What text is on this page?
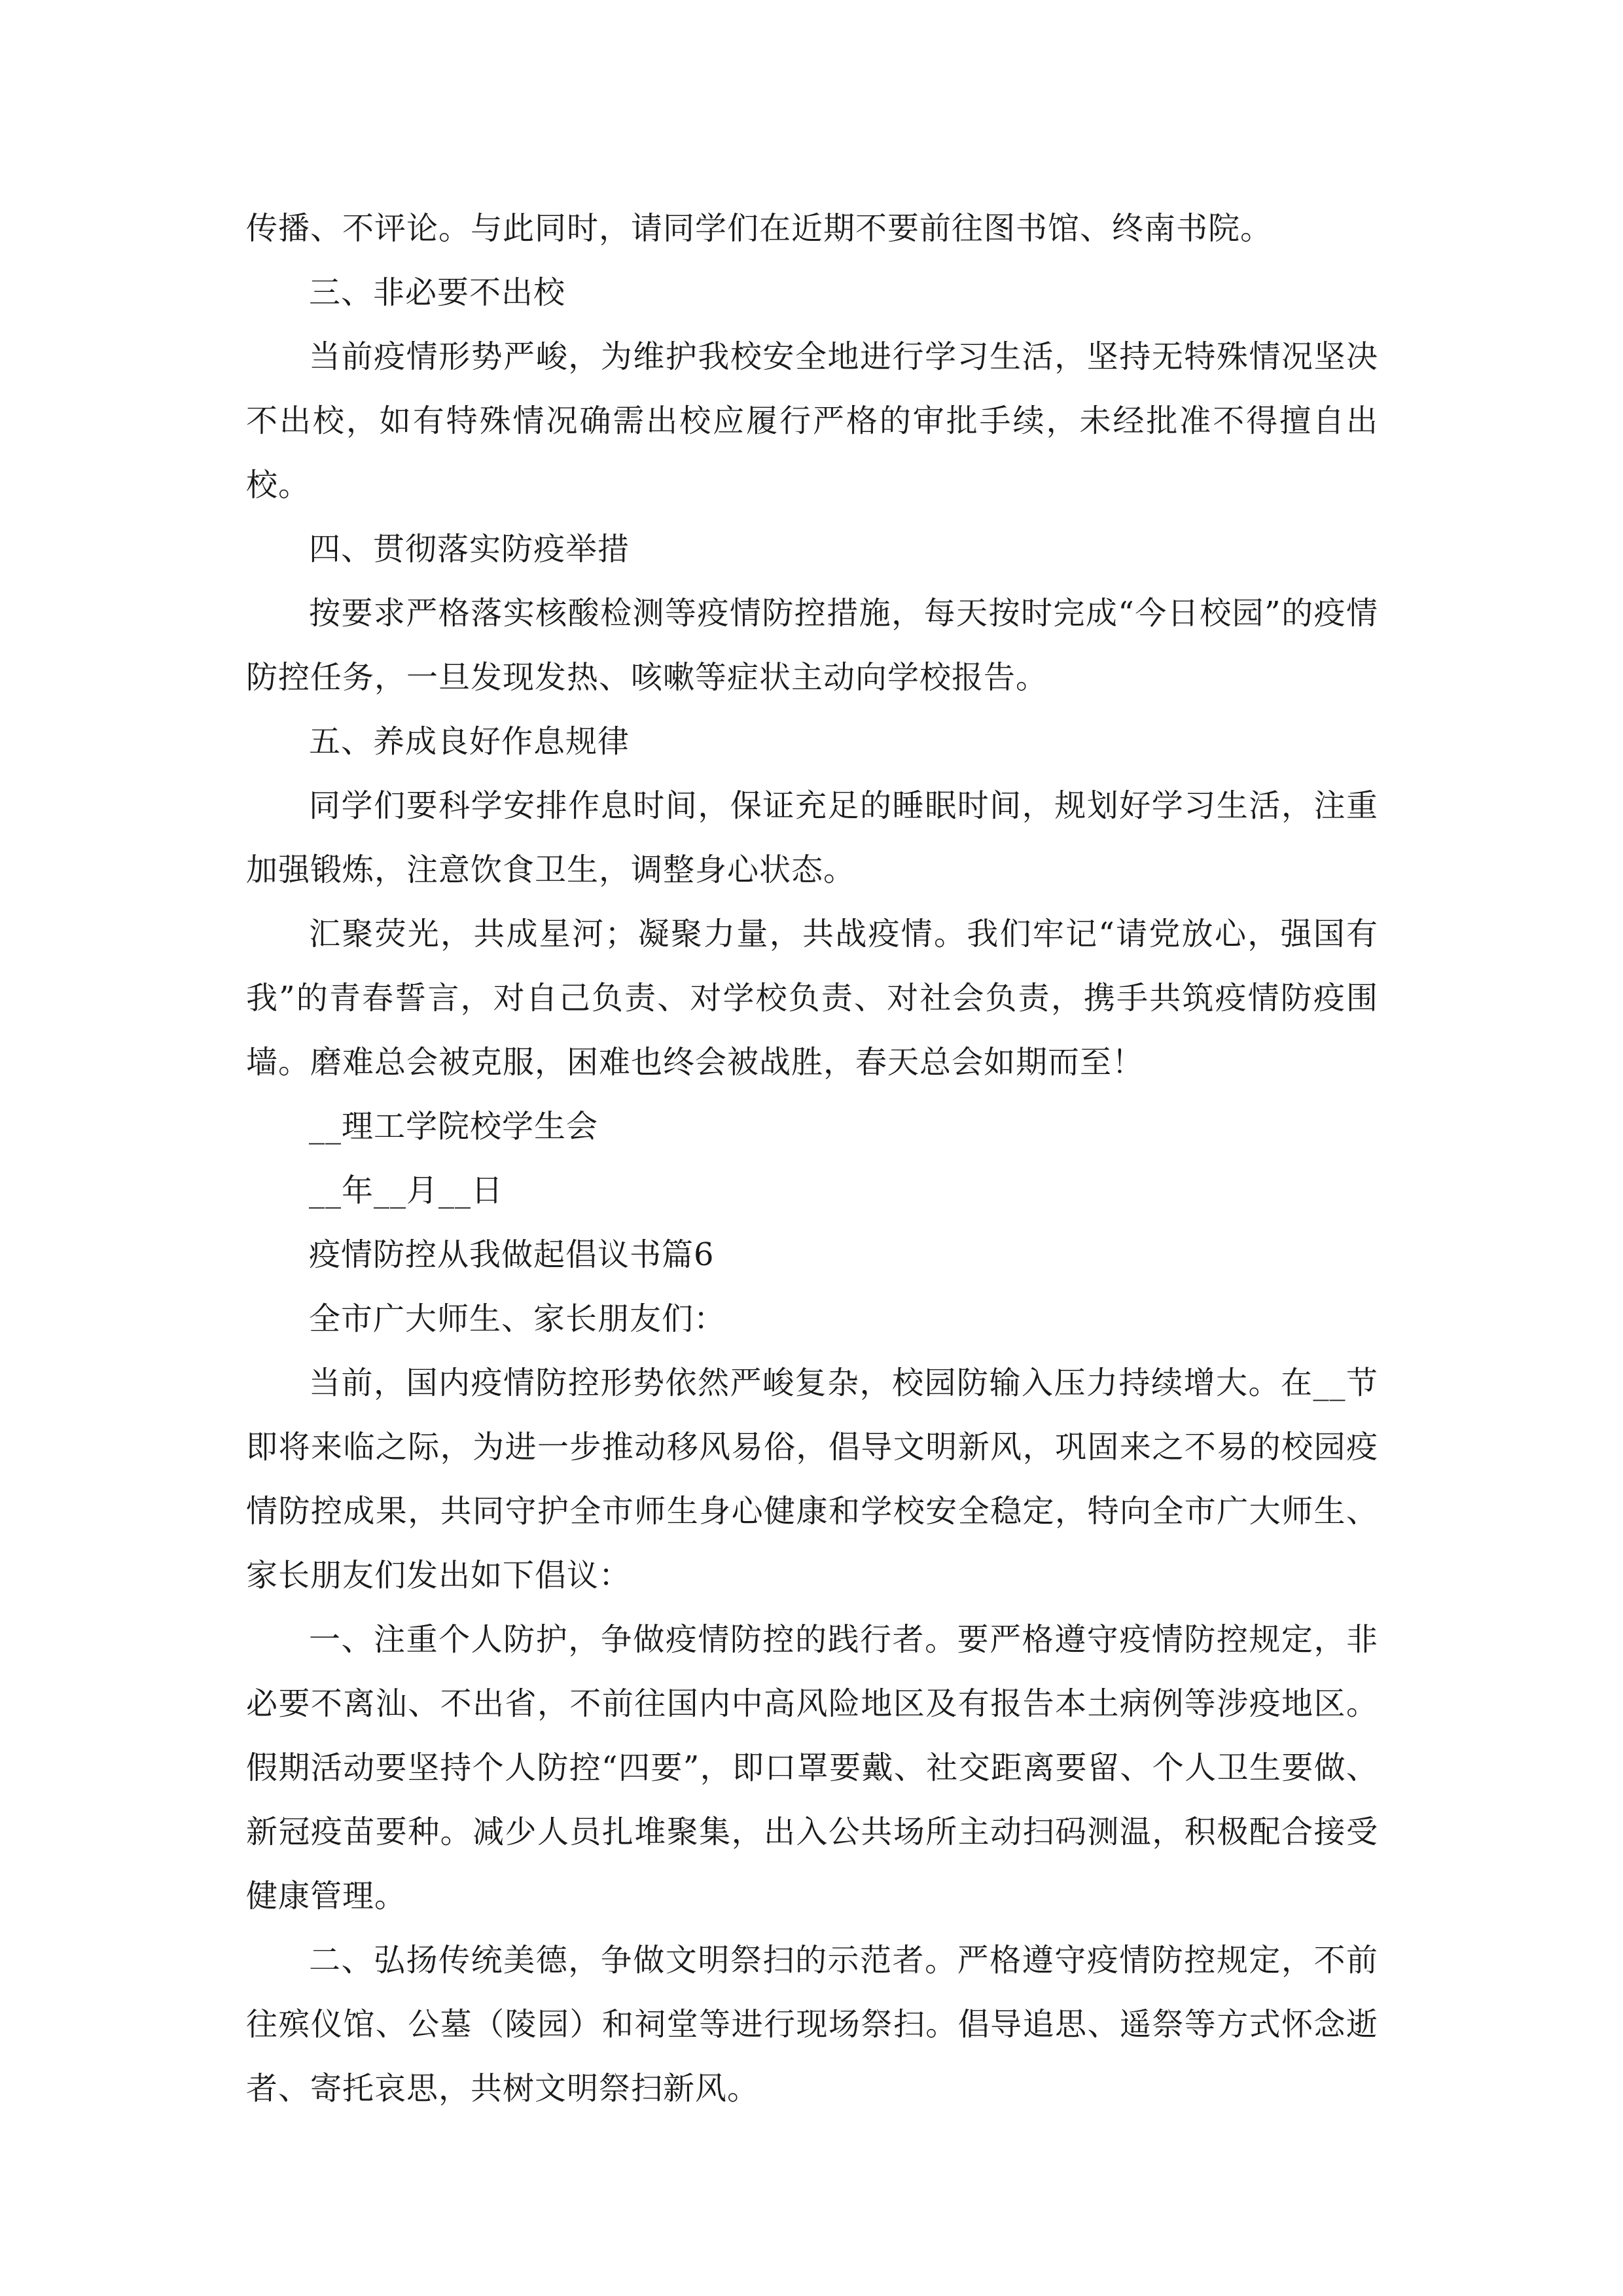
传播、不评论。与此同时，请同学们在近期不要前往图书馆、终南书院。

三、非必要不出校

当前疫情形势严峻，为维护我校安全地进行学习生活，坚持无特殊情况坚决不出校，如有特殊情况确需出校应履行严格的审批手续，未经批准不得擅自出校。

四、贯彻落实防疫举措

按要求严格落实核酸检测等疫情防控措施，每天按时完成“今日校园”的疫情防控任务，一旦发现发热、咳嗽等症状主动向学校报告。

五、养成良好作息规律

同学们要科学安排作息时间，保证充足的睡眠时间，规划好学习生活，注重加强锻炼，注意饮食卫生，调整身心状态。

汇聚荧光，共成星河；凝聚力量，共战疫情。我们牢记“请党放心，强国有我”的青春誓言，对自己负责、对学校负责、对社会负责，携手共筑疫情防疫围墙。磨难总会被克服，困难也终会被战胜，春天总会如期而至！

__理工学院校学生会

__年__月__日

疫情防控从我做起倡议书篇6

全市广大师生、家长朋友们：

当前，国内疫情防控形势依然严峻复杂，校园防输入压力持续增大。在__节即将来临之际，为进一步推动移风易俗，倡导文明新风，巩固来之不易的校园疫情防控成果，共同守护全市师生身心健康和学校安全稳定，特向全市广大师生、家长朋友们发出如下倡议：

一、注重个人防护，争做疫情防控的践行者。要严格遵守疫情防控规定，非必要不离汕、不出省，不前往国内中高风险地区及有报告本土病例等涉疫地区。假期活动要坚持个人防控“四要”，即口罩要戴、社交距离要留、个人卫生要做、新冠疫苗要种。减少人员扎堆聚集，出入公共场所主动扫码测温，积极配合接受健康管理。

二、弘扬传统美德，争做文明祭扫的示范者。严格遵守疫情防控规定，不前往殡仪馆、公墓（陵园）和祠堂等进行现场祭扫。倡导追思、遥祭等方式怀念逝者、寄托哀思，共树文明祭扫新风。
